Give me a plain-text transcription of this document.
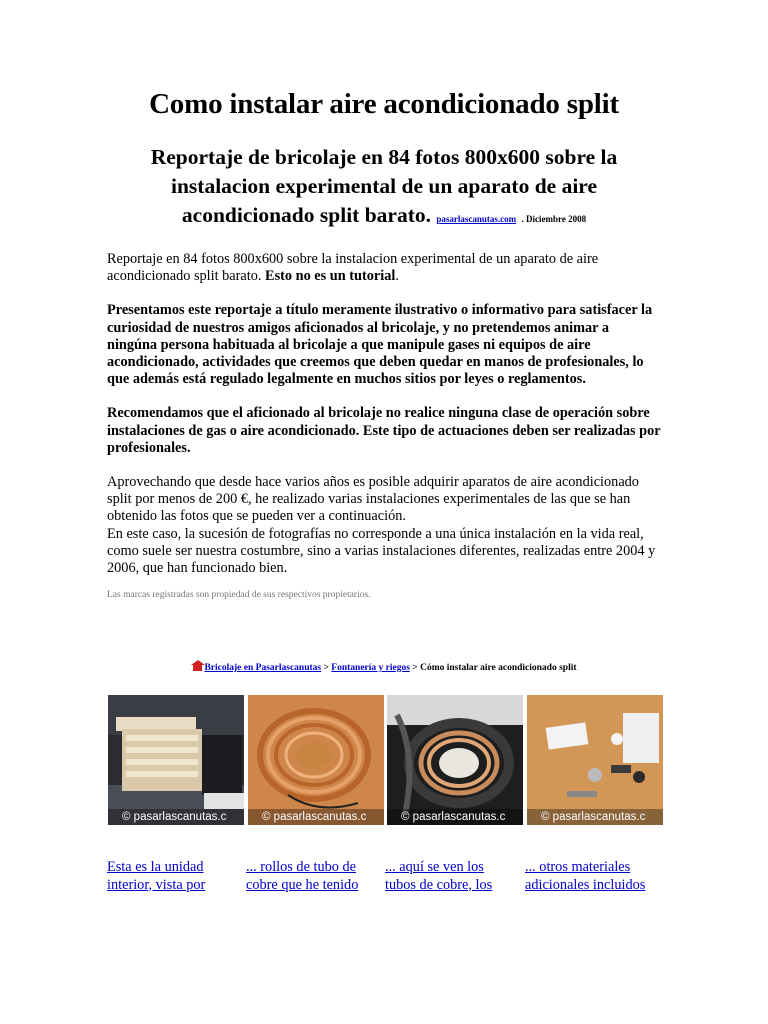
Como instalar aire acondicionado split

Reportaje de bricolaje en 84 fotos 800x600 sobre la instalacion experimental de un aparato de aire acondicionado split barato. pasarlascanutas.com . Diciembre 2008

Reportaje en 84 fotos 800x600 sobre la instalacion experimental de un aparato de aire acondicionado split barato. Esto no es un tutorial.

Presentamos este reportaje a título meramente ilustrativo o informativo para satisfacer la curiosidad de nuestros amigos aficionados al bricolaje, y no pretendemos animar a ningúna persona habituada al bricolaje a que manipule gases ni equipos de aire acondicionado, actividades que creemos que deben quedar en manos de profesionales, lo que además está regulado legalmente en muchos sitios por leyes o reglamentos.

Recomendamos que el aficionado al bricolaje no realice ninguna clase de operación sobre instalaciones de gas o aire acondicionado. Este tipo de actuaciones deben ser realizadas por profesionales.

Aprovechando que desde hace varios años es posible adquirir aparatos de aire acondicionado split por menos de 200 €, he realizado varias instalaciones experimentales de las que se han obtenido las fotos que se pueden ver a continuación.
En este caso, la sucesión de fotografías no corresponde a una única instalación en la vida real, como suele ser nuestra costumbre, sino a varias instalaciones diferentes, realizadas entre 2004 y 2006, que han funcionado bien.

Las marcas registradas son propiedad de sus respectivos propietarios.

Bricolaje en Pasarlascanutas > Fontanería y riegos > Cómo instalar aire acondicionado split
© pasarlascanutas.c	© pasarlascanutas.c	© pasarlascanutas.c	© pasarlascanutas.c
Esta es la unidad
interior, vista por
... rollos de tubo de
cobre que he tenido
... aquí se ven los
tubos de cobre, los
... otros materiales
adicionales incluidos
